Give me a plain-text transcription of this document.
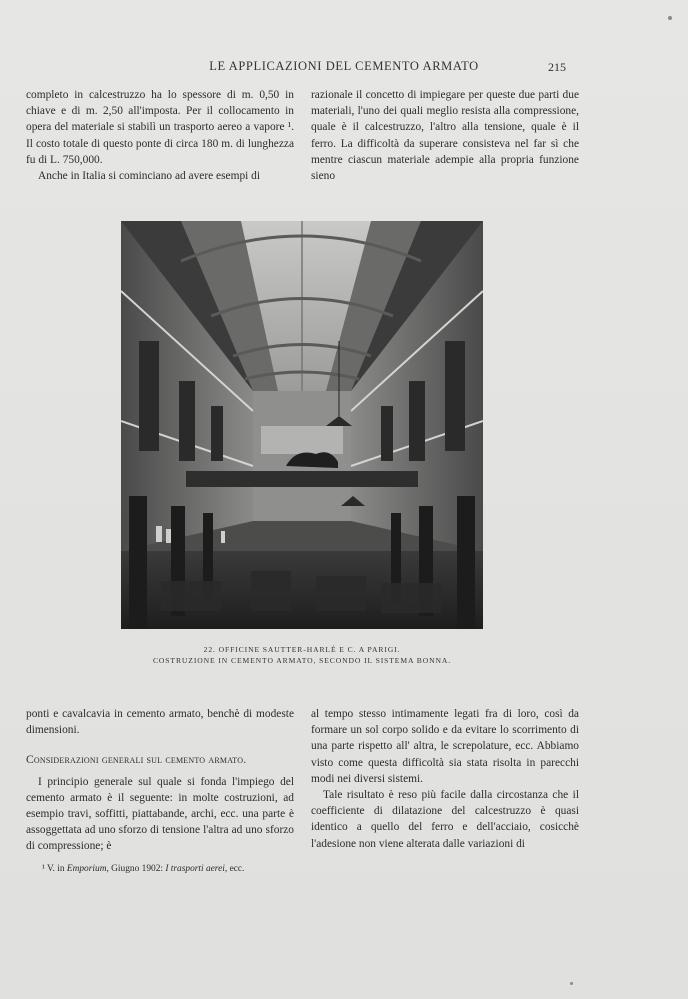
LE APPLICAZIONI DEL CEMENTO ARMATO	215

completo in calcestruzzo ha lo spessore di m. 0,50 in chiave e di m. 2,50 all'imposta. Per il collocamento in opera del materiale si stabilì un trasporto aereo a vapore ¹. Il costo totale di questo ponte di circa 180 m. di lunghezza fu di L. 750,000.

Anche in Italia si cominciano ad avere esempi di

razionale il concetto di impiegare per queste due parti due materiali, l'uno dei quali meglio resista alla compressione, quale è il calcestruzzo, l'altro alla tensione, quale è il ferro. La difficoltà da superare consisteva nel far sì che mentre ciascun materiale adempie alla propria funzione sieno

22. OFFICINE SAUTTER-HARLÉ E C. A PARIGI.
COSTRUZIONE IN CEMENTO ARMATO, SECONDO IL SISTEMA BONNA.

ponti e cavalcavia in cemento armato, benchè di modeste dimensioni.

Considerazioni generali sul cemento armato.

I principio generale sul quale si fonda l'impiego del cemento armato è il seguente: in molte costruzioni, ad esempio travi, soffitti, piattabande, archi, ecc. una parte è assoggettata ad uno sforzo di tensione l'altra ad uno sforzo di compressione; è

¹ V. in Emporium, Giugno 1902: I trasporti aerei, ecc.

al tempo stesso intimamente legati fra di loro, così da formare un sol corpo solido e da evitare lo scorrimento di una parte rispetto all' altra, le screpolature, ecc. Abbiamo visto come questa difficoltà sia stata risolta in parecchi modi nei diversi sistemi.

Tale risultato è reso più facile dalla circostanza che il coefficiente di dilatazione del calcestruzzo è quasi identico a quello del ferro e dell'acciaio, cosicchè l'adesione non viene alterata dalle variazioni di
